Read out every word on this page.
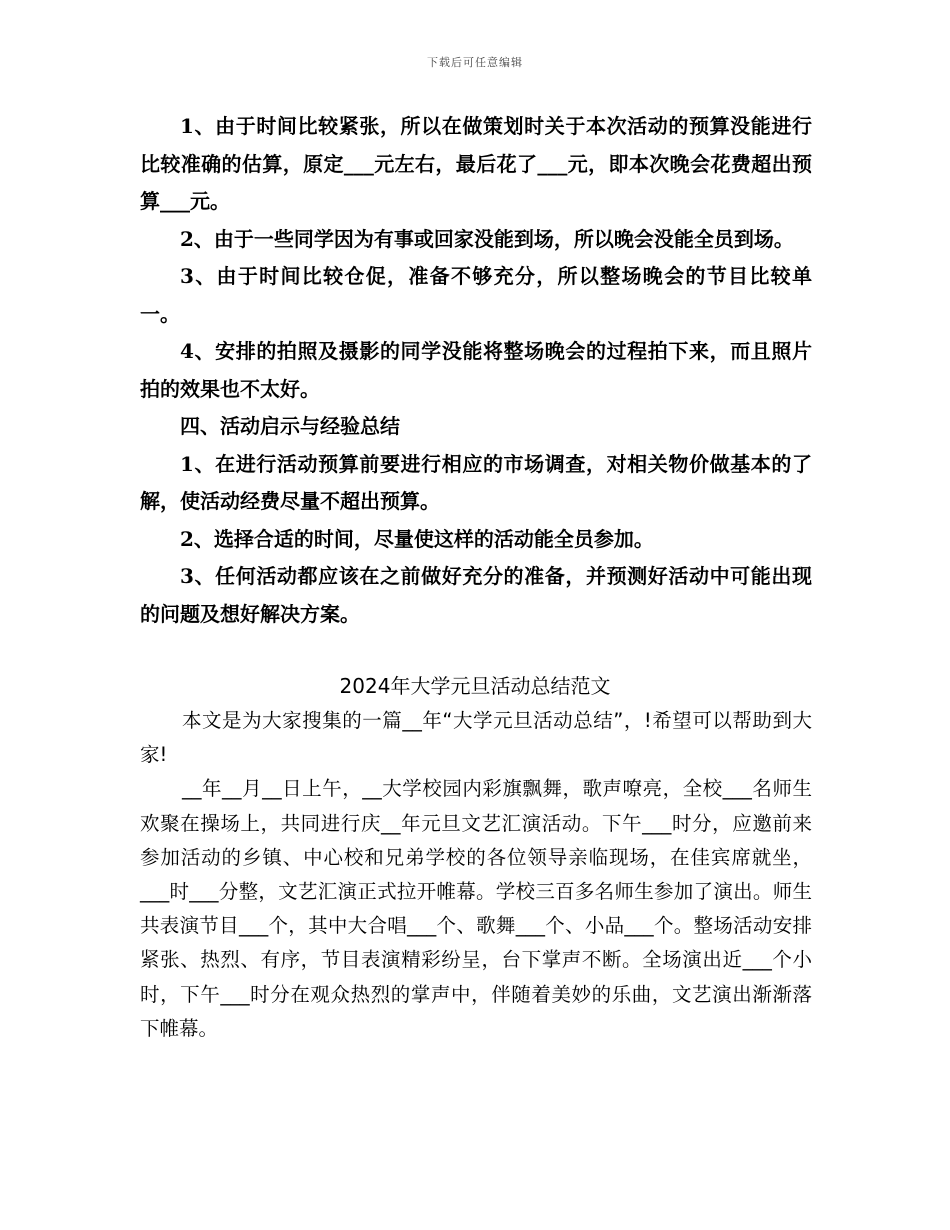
下载后可任意编辑

1、由于时间比较紧张，所以在做策划时关于本次活动的预算没能进行比较准确的估算，原定___元左右，最后花了___元，即本次晚会花费超出预算___元。

2、由于一些同学因为有事或回家没能到场，所以晚会没能全员到场。

3、由于时间比较仓促，准备不够充分，所以整场晚会的节目比较单一。

4、安排的拍照及摄影的同学没能将整场晚会的过程拍下来，而且照片拍的效果也不太好。

四、活动启示与经验总结

1、在进行活动预算前要进行相应的市场调查，对相关物价做基本的了解，使活动经费尽量不超出预算。

2、选择合适的时间，尽量使这样的活动能全员参加。

3、任何活动都应该在之前做好充分的准备，并预测好活动中可能出现的问题及想好解决方案。

2024年大学元旦活动总结范文

本文是为大家搜集的一篇__年“大学元旦活动总结”，!希望可以帮助到大家!

__年__月__日上午，__大学校园内彩旗飘舞，歌声嘹亮，全校___名师生欢聚在操场上，共同进行庆__年元旦文艺汇演活动。下午___时分，应邀前来参加活动的乡镇、中心校和兄弟学校的各位领导亲临现场，在佳宾席就坐，___时___分整，文艺汇演正式拉开帷幕。学校三百多名师生参加了演出。师生共表演节目___个，其中大合唱___个、歌舞___个、小品___个。整场活动安排紧张、热烈、有序，节目表演精彩纷呈，台下掌声不断。全场演出近___个小时，下午___时分在观众热烈的掌声中，伴随着美妙的乐曲，文艺演出渐渐落下帷幕。
